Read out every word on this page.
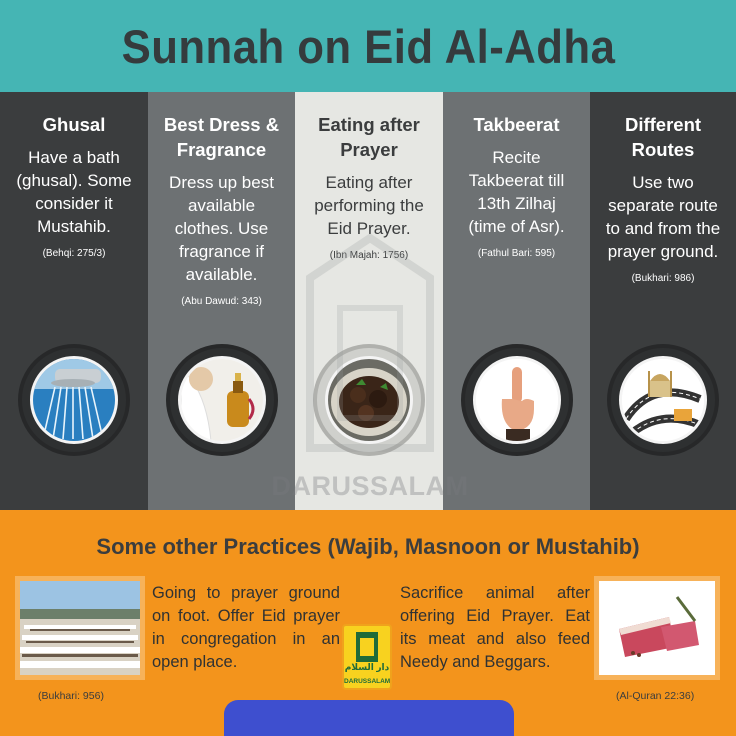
Sunnah on Eid Al-Adha
Ghusal

Have a bath (ghusal). Some consider it Mustahib.

(Behqi: 275/3)

Best Dress & Fragrance

Dress up best available clothes. Use fragrance if available.

(Abu Dawud: 343)

Eating after Prayer

Eating after performing the Eid Prayer.

(Ibn Majah: 1756)

Takbeerat

Recite Takbeerat till 13th Zilhaj (time of Asr).

(Fathul Bari: 595)

Different Routes

Use two separate route to and from the prayer ground.

(Bukhari: 986)

DARUSSALAM
Some other Practices (Wajib, Masnoon or Mustahib)

Going to prayer ground on foot. Offer Eid prayer in congregation in an open place.

(Bukhari: 956)

دار السلام
DARUSSALAM

Sacrifice animal after offering Eid Prayer. Eat its meat and also feed Needy and Beggars.

(Al-Quran 22:36)
